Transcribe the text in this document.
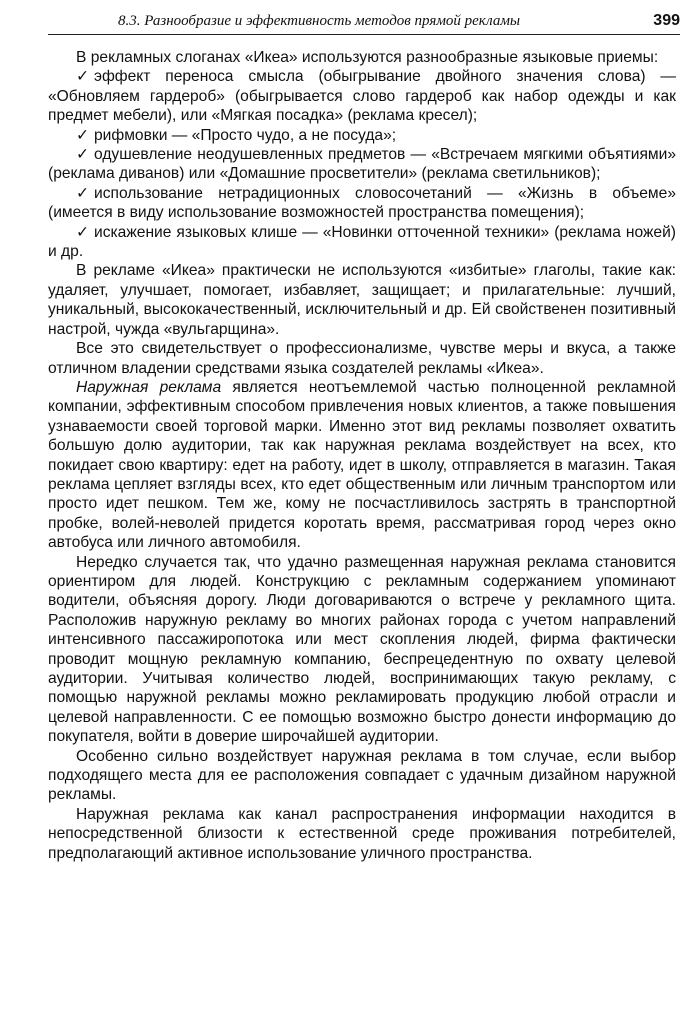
8.3. Разнообразие и эффективность методов прямой рекламы	399

В рекламных слоганах «Икеа» используются разнообразные языковые приемы:

✓ эффект переноса смысла (обыгрывание двойного значения слова) — «Обновляем гардероб» (обыгрывается слово гардероб как набор одежды и как предмет мебели), или «Мягкая посадка» (реклама кресел);

✓ рифмовки — «Просто чудо, а не посуда»;

✓ одушевление неодушевленных предметов — «Встречаем мягкими объятиями» (реклама диванов) или «Домашние просветители» (реклама светильников);

✓ использование нетрадиционных словосочетаний — «Жизнь в объеме» (имеется в виду использование возможностей пространства помещения);

✓ искажение языковых клише — «Новинки отточенной техники» (реклама ножей) и др.

В рекламе «Икеа» практически не используются «избитые» глаголы, такие как: удаляет, улучшает, помогает, избавляет, защищает; и прилагательные: лучший, уникальный, высококачественный, исключительный и др. Ей свойственен позитивный настрой, чужда «вульгарщина».

Все это свидетельствует о профессионализме, чувстве меры и вкуса, а также отличном владении средствами языка создателей рекламы «Икеа».

Наружная реклама является неотъемлемой частью полноценной рекламной компании, эффективным способом привлечения новых клиентов, а также повышения узнаваемости своей торговой марки. Именно этот вид рекламы позволяет охватить большую долю аудитории, так как наружная реклама воздействует на всех, кто покидает свою квартиру: едет на работу, идет в школу, отправляется в магазин. Такая реклама цепляет взгляды всех, кто едет общественным или личным транспортом или просто идет пешком. Тем же, кому не посчастливилось застрять в транспортной пробке, волей-неволей придется коротать время, рассматривая город через окно автобуса или личного автомобиля.

Нередко случается так, что удачно размещенная наружная реклама становится ориентиром для людей. Конструкцию с рекламным содержанием упоминают водители, объясняя дорогу. Люди договариваются о встрече у рекламного щита. Расположив наружную рекламу во многих районах города с учетом направлений интенсивного пассажиропотока или мест скопления людей, фирма фактически проводит мощную рекламную компанию, беспрецедентную по охвату целевой аудитории. Учитывая количество людей, воспринимающих такую рекламу, с помощью наружной рекламы можно рекламировать продукцию любой отрасли и целевой направленности. С ее помощью возможно быстро донести информацию до покупателя, войти в доверие широчайшей аудитории.

Особенно сильно воздействует наружная реклама в том случае, если выбор подходящего места для ее расположения совпадает с удачным дизайном наружной рекламы.

Наружная реклама как канал распространения информации находится в непосредственной близости к естественной среде проживания потребителей, предполагающий активное использование уличного пространства.
